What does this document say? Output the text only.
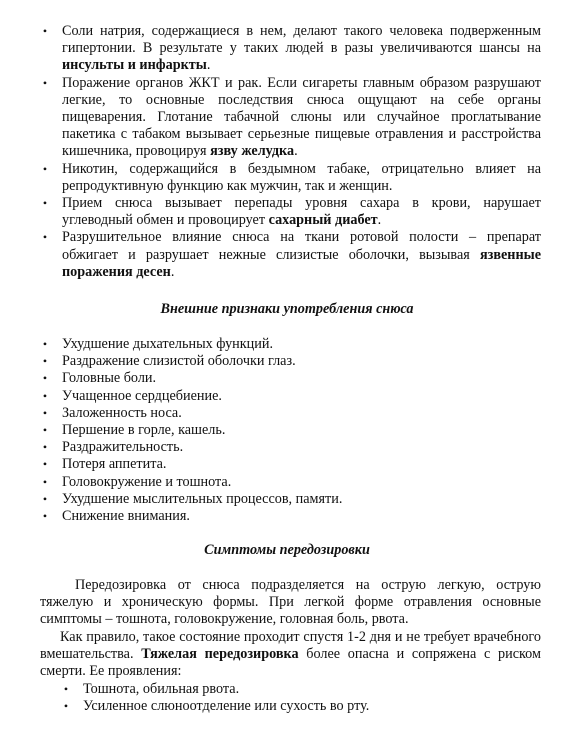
• Соли натрия, содержащиеся в нем, делают такого человека подверженным гипертонии. В результате у таких людей в разы увеличиваются шансы на инсульты и инфаркты.
• Поражение органов ЖКТ и рак. Если сигареты главным образом разрушают легкие, то основные последствия снюса ощущают на себе органы пищеварения. Глотание табачной слюны или случайное проглатывание пакетика с табаком вызывает серьезные пищевые отравления и расстройства кишечника, провоцируя язву желудка.
• Никотин, содержащийся в бездымном табаке, отрицательно влияет на репродуктивную функцию как мужчин, так и женщин.
• Прием снюса вызывает перепады уровня сахара в крови, нарушает углеводный обмен и провоцирует сахарный диабет.
• Разрушительное влияние снюса на ткани ротовой полости – препарат обжигает и разрушает нежные слизистые оболочки, вызывая язвенные поражения десен.
Внешние признаки употребления снюса
• Ухудшение дыхательных функций.
• Раздражение слизистой оболочки глаз.
• Головные боли.
• Учащенное сердцебиение.
• Заложенность носа.
• Першение в горле, кашель.
• Раздражительность.
• Потеря аппетита.
• Головокружение и тошнота.
• Ухудшение мыслительных процессов, памяти.
• Снижение внимания.
Симптомы передозировки

Передозировка от снюса подразделяется на острую легкую, острую тяжелую и хроническую формы. При легкой форме отравления основные симптомы – тошнота, головокружение, головная боль, рвота.

Как правило, такое состояние проходит спустя 1-2 дня и не требует врачебного вмешательства. Тяжелая передозировка более опасна и сопряжена с риском смерти. Ее проявления:

• Тошнота, обильная рвота.
• Усиленное слюноотделение или сухость во рту.
